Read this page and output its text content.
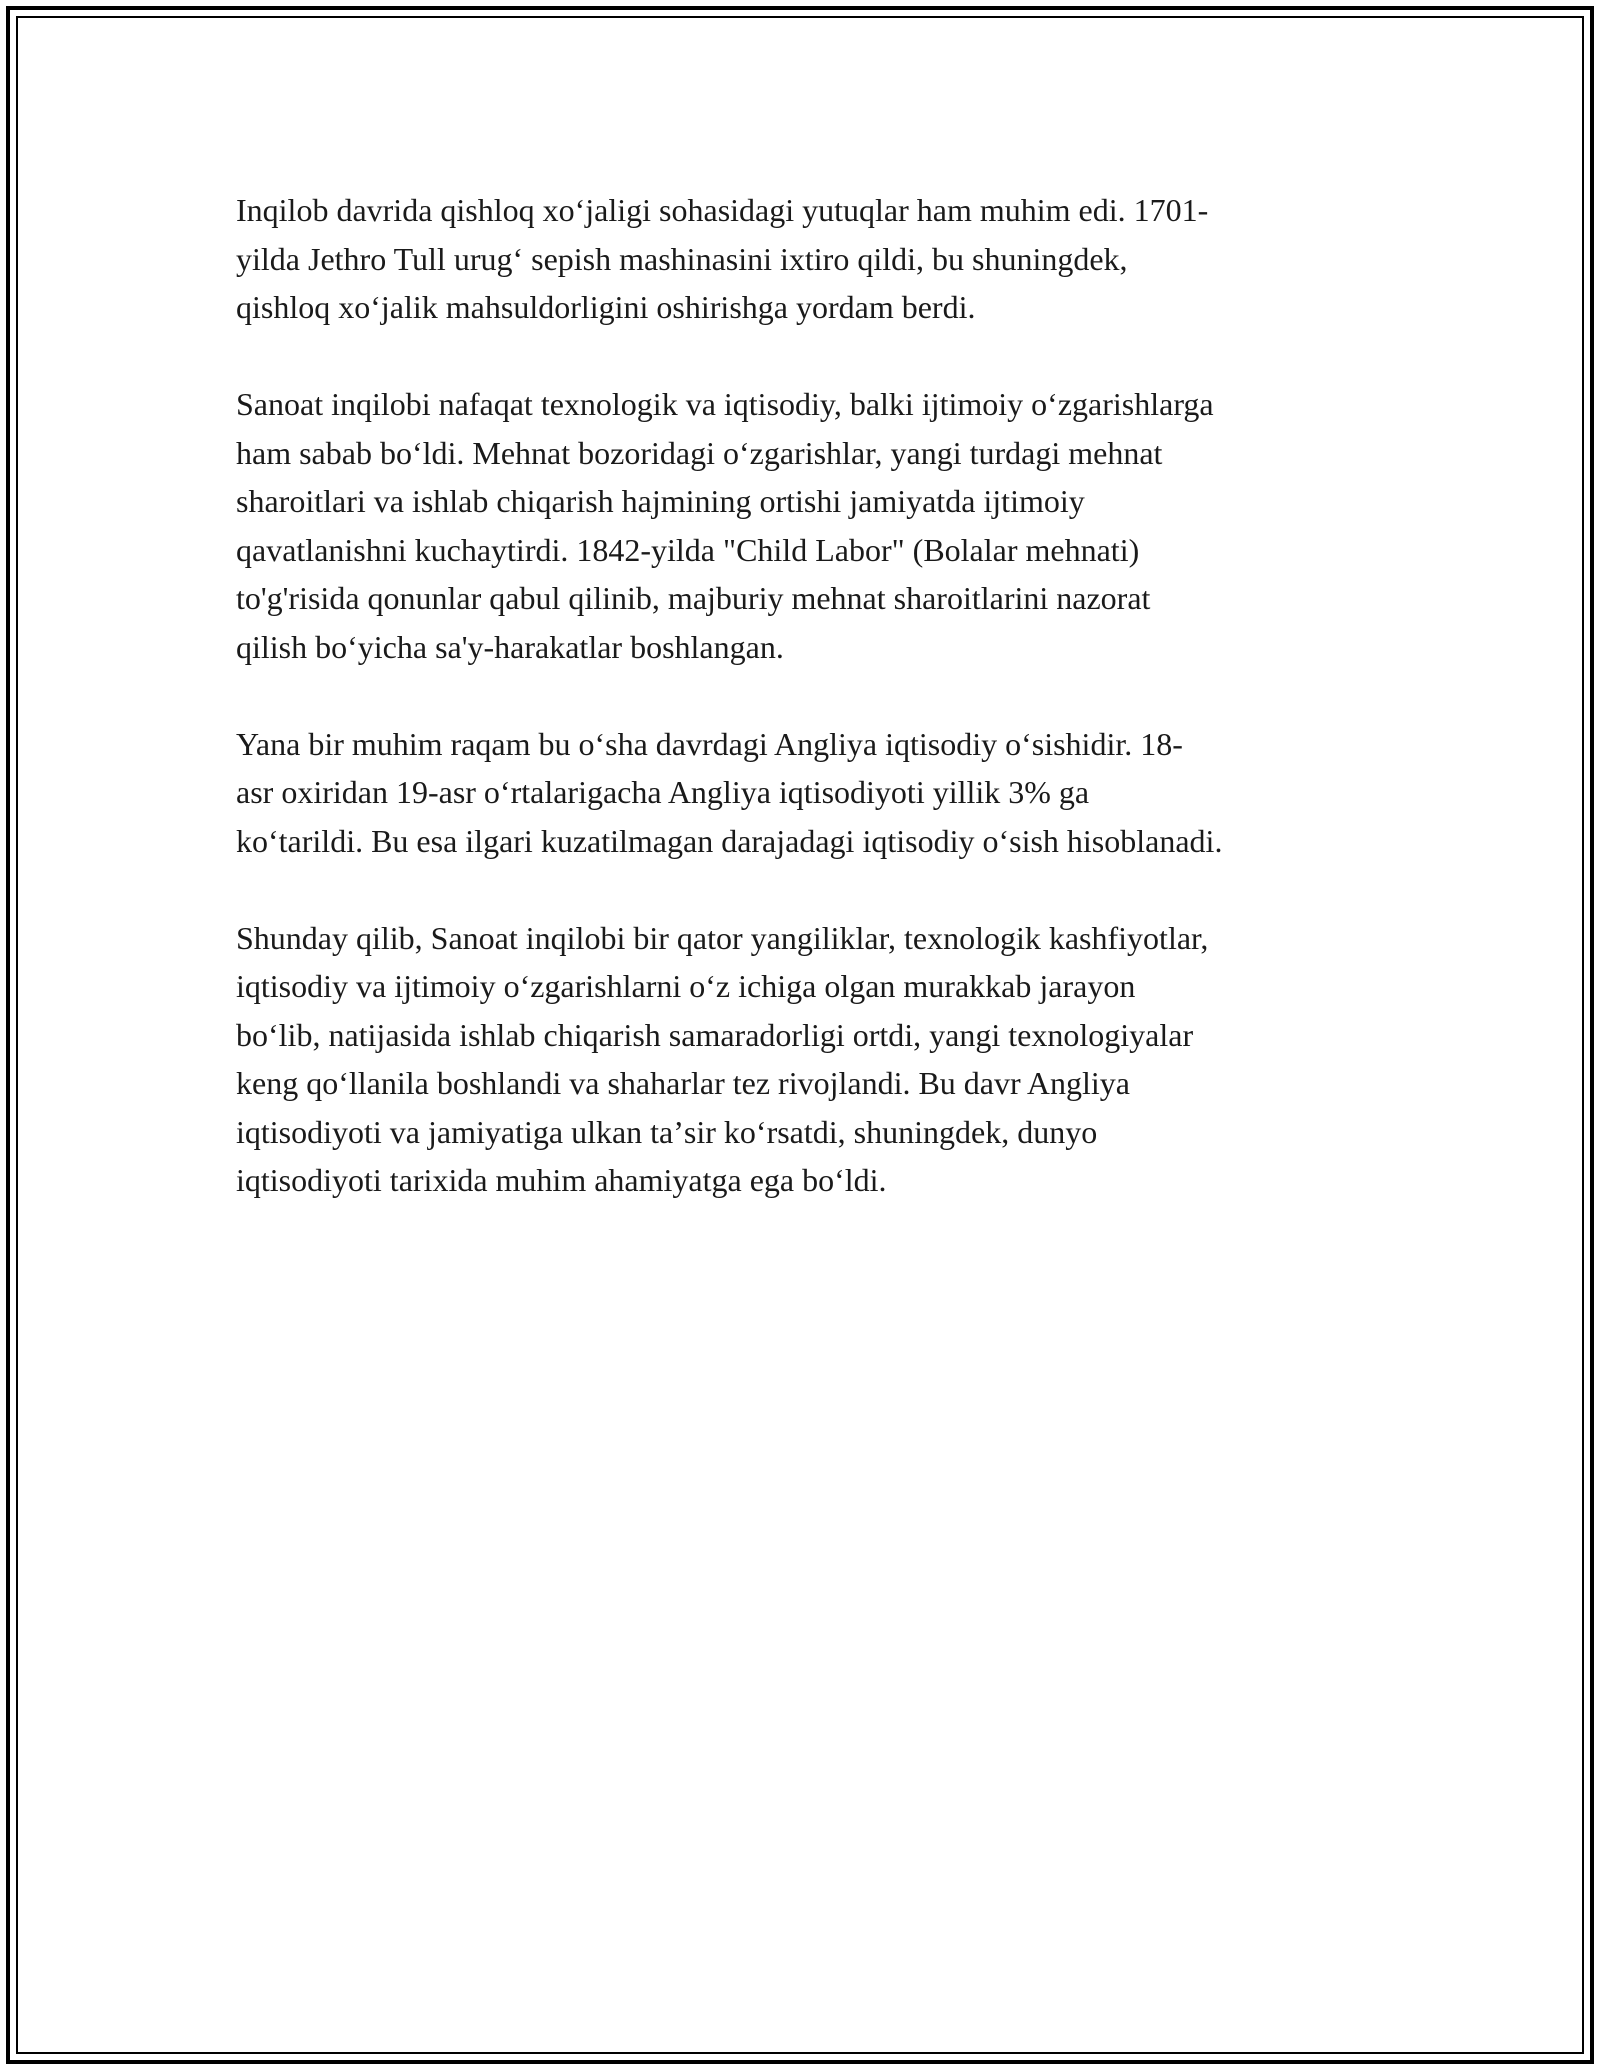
Inqilob davrida qishloq xoʻjaligi sohasidagi yutuqlar ham muhim edi. 1701-
yilda Jethro Tull urugʻ sepish mashinasini ixtiro qildi, bu shuningdek,
qishloq xoʻjalik mahsuldorligini oshirishga yordam berdi.

Sanoat inqilobi nafaqat texnologik va iqtisodiy, balki ijtimoiy oʻzgarishlarga
ham sabab boʻldi. Mehnat bozoridagi oʻzgarishlar, yangi turdagi mehnat
sharoitlari va ishlab chiqarish hajmining ortishi jamiyatda ijtimoiy
qavatlanishni kuchaytirdi. 1842-yilda "Child Labor" (Bolalar mehnati)
to'g'risida qonunlar qabul qilinib, majburiy mehnat sharoitlarini nazorat
qilish boʻyicha sa'y-harakatlar boshlangan.

Yana bir muhim raqam bu oʻsha davrdagi Angliya iqtisodiy oʻsishidir. 18-
asr oxiridan 19-asr oʻrtalarigacha Angliya iqtisodiyoti yillik 3% ga
koʻtarildi. Bu esa ilgari kuzatilmagan darajadagi iqtisodiy oʻsish hisoblanadi.

Shunday qilib, Sanoat inqilobi bir qator yangiliklar, texnologik kashfiyotlar,
iqtisodiy va ijtimoiy oʻzgarishlarni oʻz ichiga olgan murakkab jarayon
boʻlib, natijasida ishlab chiqarish samaradorligi ortdi, yangi texnologiyalar
keng qoʻllanila boshlandi va shaharlar tez rivojlandi. Bu davr Angliya
iqtisodiyoti va jamiyatiga ulkan taʼsir koʻrsatdi, shuningdek, dunyo
iqtisodiyoti tarixida muhim ahamiyatga ega boʻldi.
